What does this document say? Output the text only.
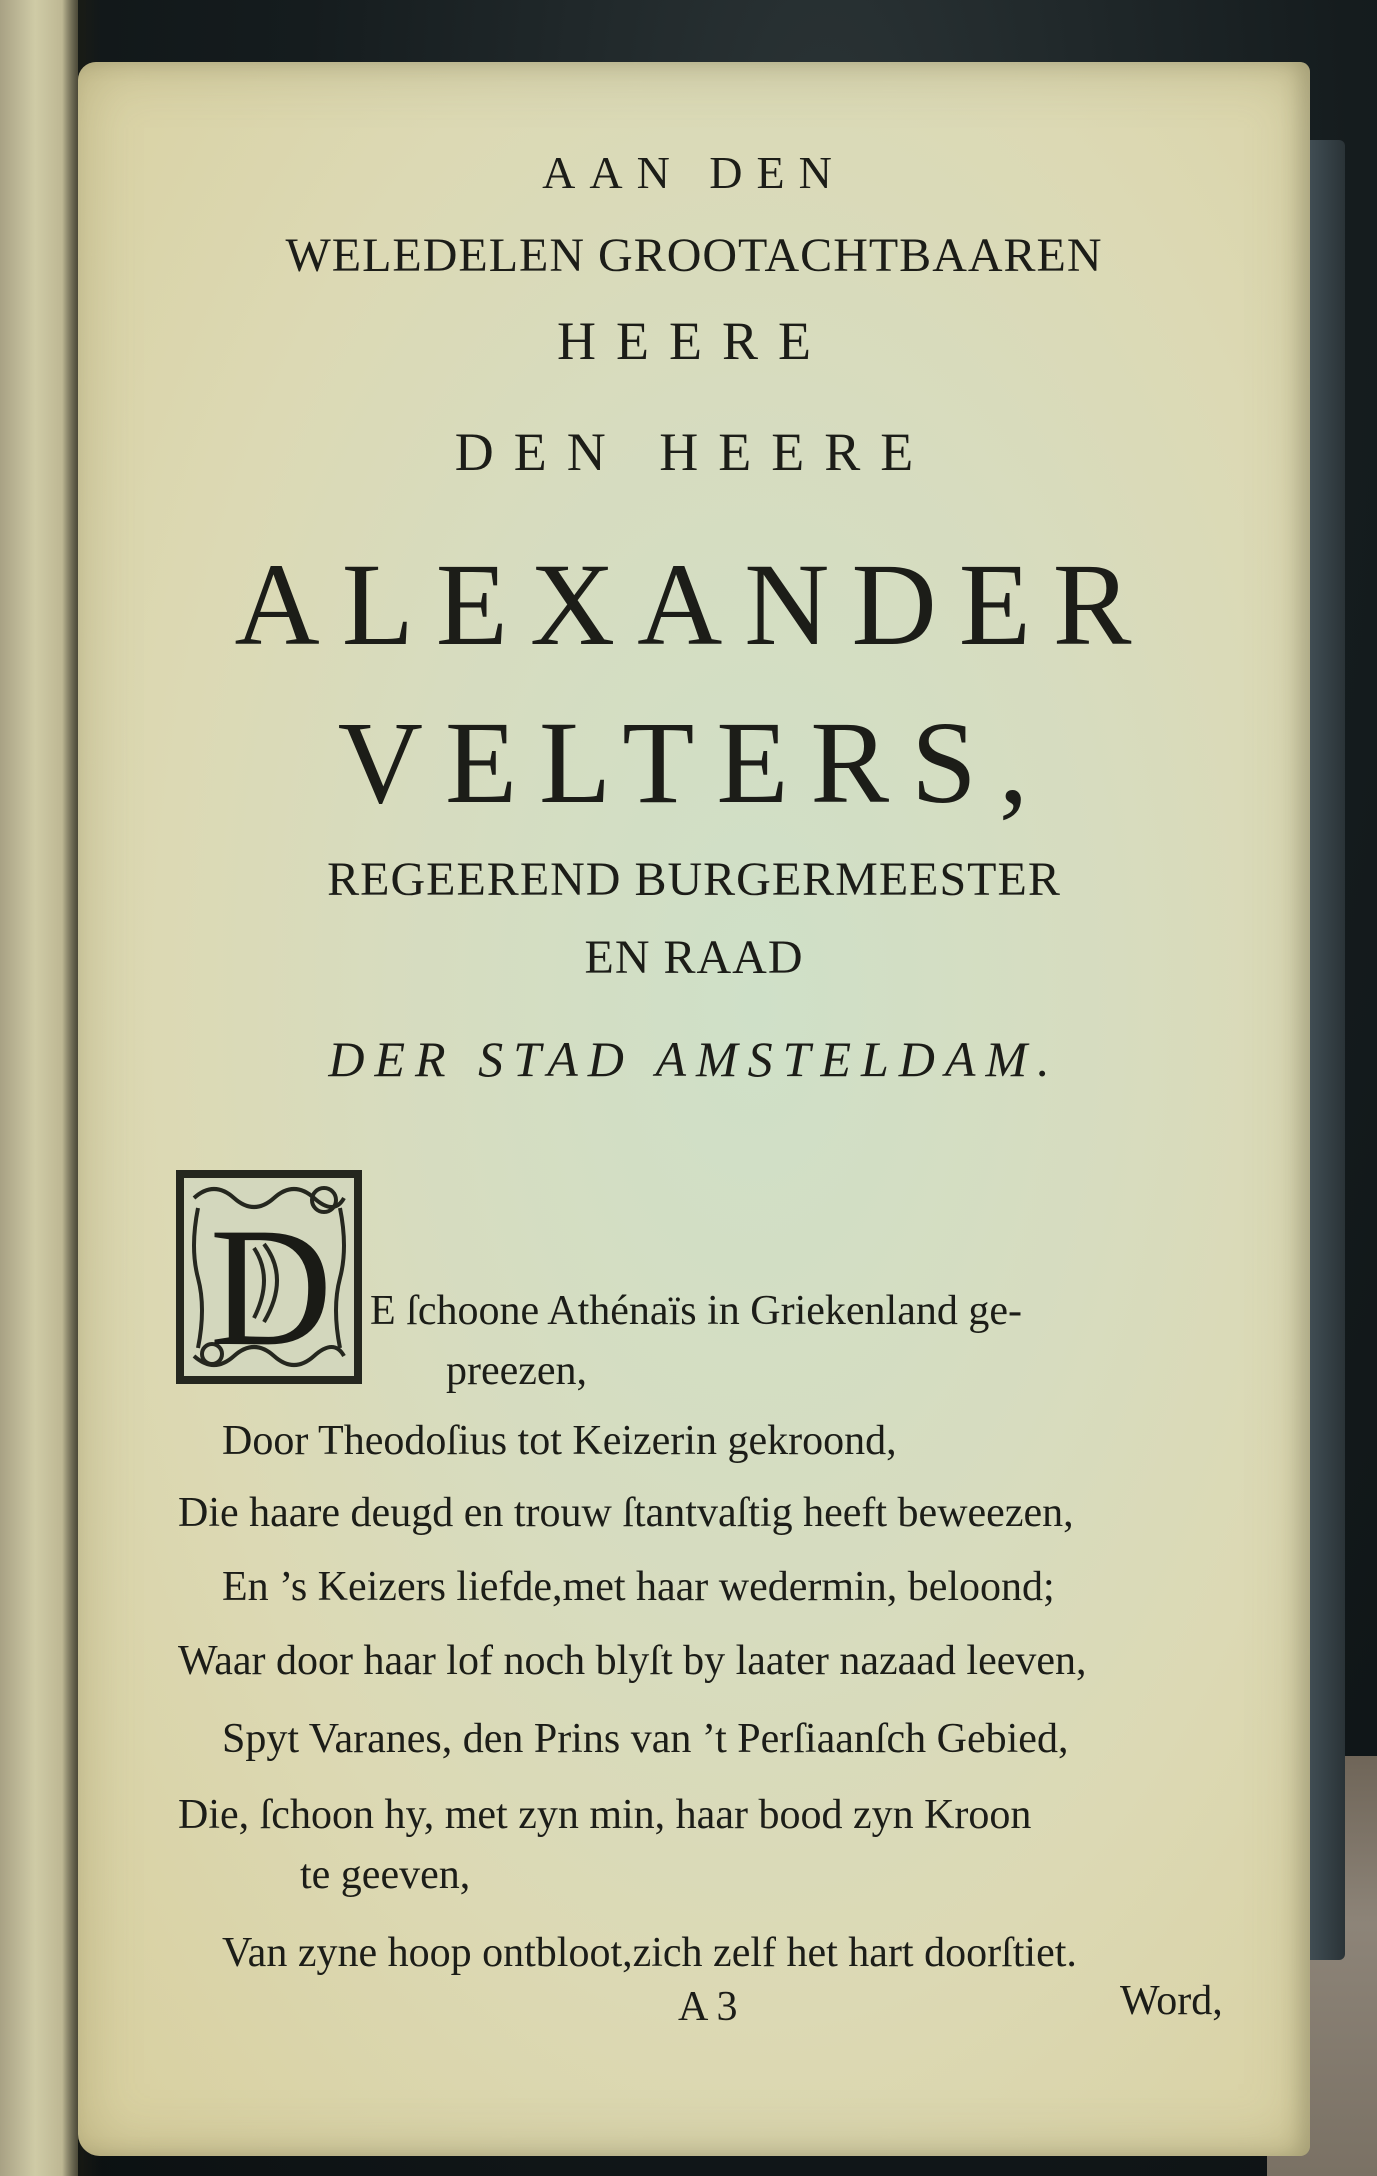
AAN DEN
WELEDELEN GROOTACHTBAAREN
HEERE
DEN HEERE
ALEXANDER
VELTERS,
REGEEREND BURGERMEESTER
EN RAAD
DER STAD AMSTELDAM.
D E ſchoone Athénaïs in Griekenland ge-
preezen,
Door Theodoſius tot Keizerin gekroond,
Die haare deugd en trouw ſtantvaſtig heeft beweezen,
En ’s Keizers liefde,met haar wedermin, beloond;
Waar door haar lof noch blyſt by laater nazaad leeven,
Spyt Varanes, den Prins van ’t Perſiaanſch Gebied,
Die, ſchoon hy, met zyn min, haar bood zyn Kroon
te geeven,
Van zyne hoop ontbloot,zich zelf het hart doorſtiet.
A 3	Word,
